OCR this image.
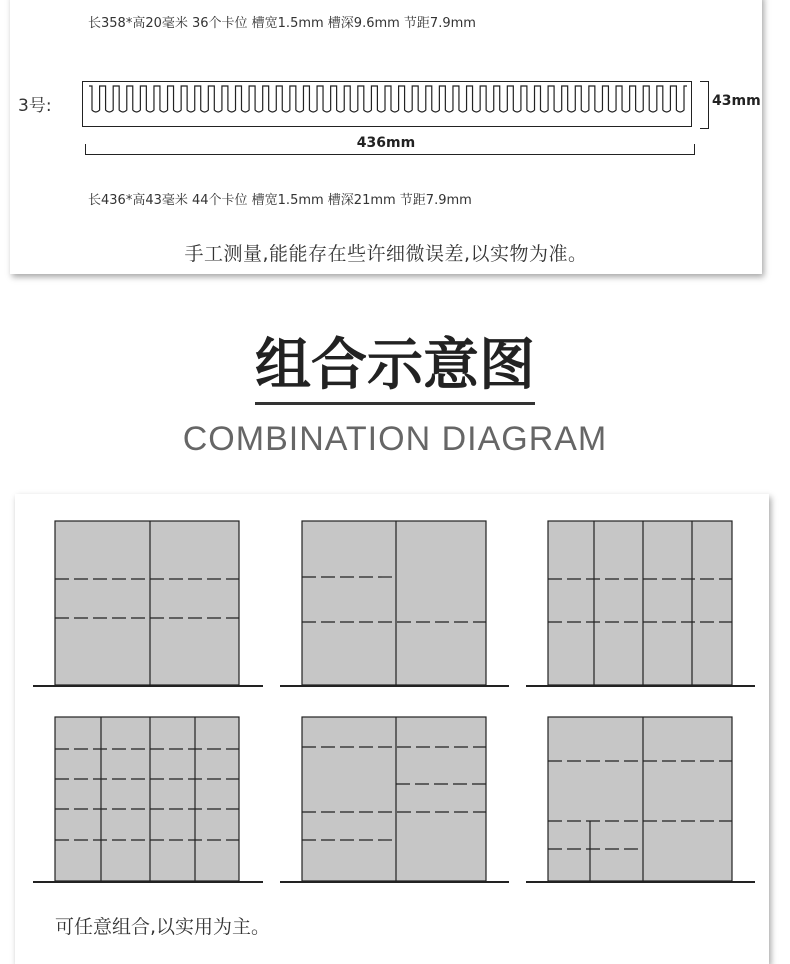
长358*高20毫米 36个卡位 槽宽1.5mm 槽深9.6mm 节距7.9mm
3号:	43mm
436mm
长436*高43毫米 44个卡位 槽宽1.5mm 槽深21mm 节距7.9mm
手工测量,能能存在些许细微误差,以实物为准。
组合示意图
COMBINATION DIAGRAM
可任意组合,以实用为主。
